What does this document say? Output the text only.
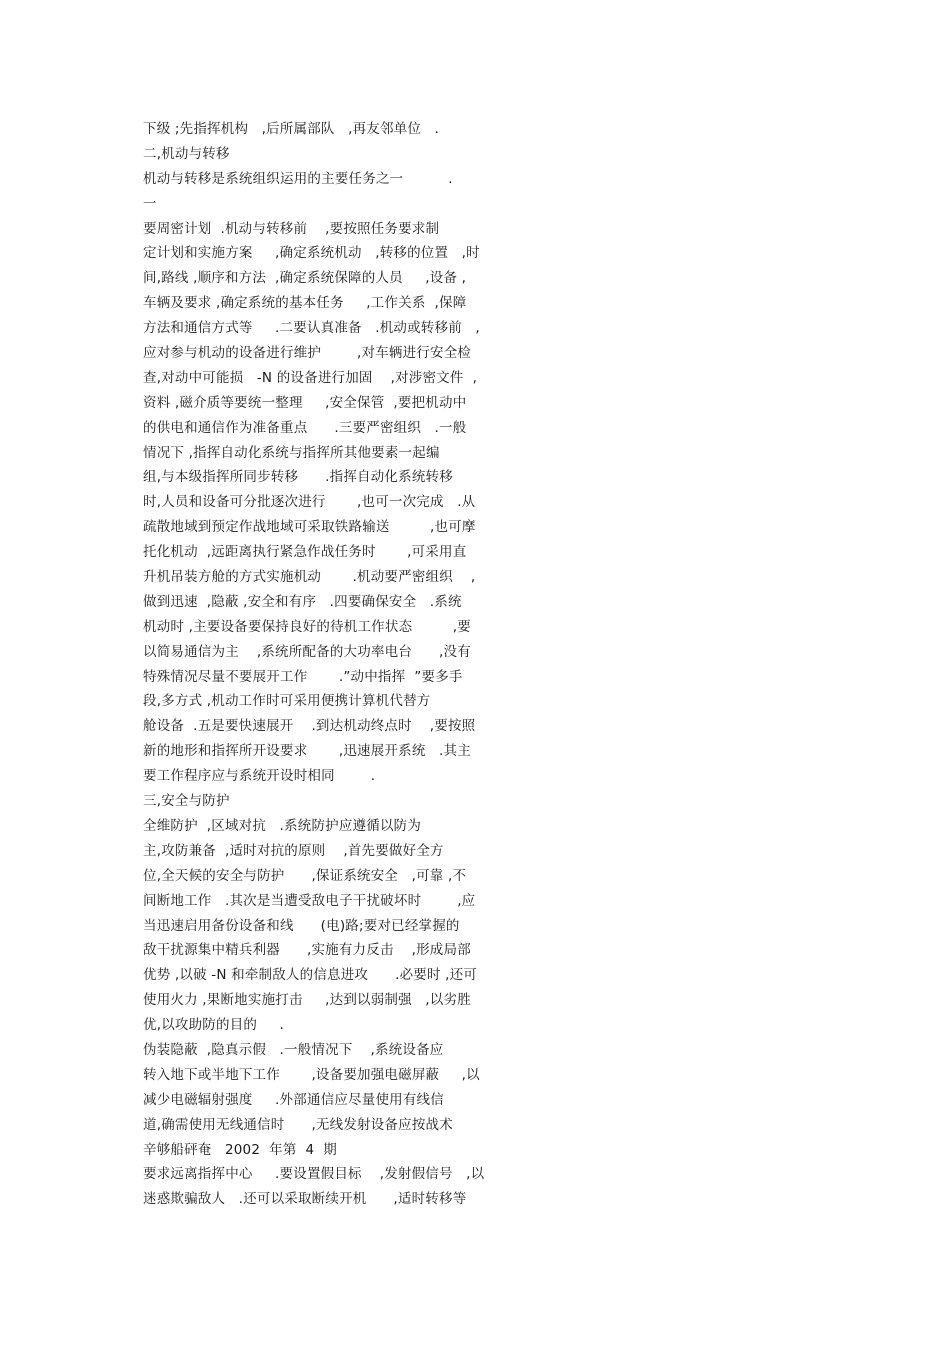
下级 ;先指挥机构   ,后所属部队   ,再友邻单位   .
二,机动与转移
机动与转移是系统组织运用的主要任务之一          .
一
要周密计划  .机动与转移前    ,要按照任务要求制
定计划和实施方案     ,确定系统机动   ,转移的位置   ,时
间,路线 ,顺序和方法  ,确定系统保障的人员     ,设备 ,
车辆及要求 ,确定系统的基本任务     ,工作关系  ,保障
方法和通信方式等     .二要认真准备   .机动或转移前   ,
应对参与机动的设备进行维护        ,对车辆进行安全检
查,对动中可能损   -N 的设备进行加固    ,对涉密文件  ,
资料 ,磁介质等要统一整理     ,安全保管  ,要把机动中
的供电和通信作为准备重点      .三要严密组织   .一般
情况下 ,指挥自动化系统与指挥所其他要素一起编
组,与本级指挥所同步转移      .指挥自动化系统转移
时,人员和设备可分批逐次进行       ,也可一次完成   .从
疏散地域到预定作战地域可采取铁路输送         ,也可摩
托化机动  ,远距离执行紧急作战任务时       ,可采用直
升机吊装方舱的方式实施机动       .机动要严密组织    ,
做到迅速  ,隐蔽 ,安全和有序   .四要确保安全   .系统
机动时 ,主要设备要保持良好的待机工作状态         ,要
以简易通信为主    ,系统所配备的大功率电台      ,没有
特殊情况尽量不要展开工作       .”动中指挥  ”要多手
段,多方式 ,机动工作时可采用便携计算机代替方
舱设备  .五是要快速展开    .到达机动终点时    ,要按照
新的地形和指挥所开设要求       ,迅速展开系统   .其主
要工作程序应与系统开设时相同        .
三,安全与防护
全维防护  ,区域对抗   .系统防护应遵循以防为
主,攻防兼备  ,适时对抗的原则    ,首先要做好全方
位,全天候的安全与防护      ,保证系统安全   ,可靠 ,不
间断地工作   .其次是当遭受敌电子干扰破坏时        ,应
当迅速启用备份设备和线      (电)路;要对已经掌握的
敌干扰源集中精兵利器      ,实施有力反击    ,形成局部
优势 ,以破 -N 和牵制敌人的信息进攻      .必要时 ,还可
使用火力 ,果断地实施打击     ,达到以弱制强   ,以劣胜
优,以攻助防的目的     .
伪装隐蔽  ,隐真示假   .一般情况下    ,系统设备应
转入地下或半地下工作       ,设备要加强电磁屏蔽     ,以
减少电磁辐射强度     .外部通信应尽量使用有线信
道,确需使用无线通信时      ,无线发射设备应按战术
辛够船砰奄   2002  年第  4  期
要求远离指挥中心     .要设置假目标    ,发射假信号   ,以
迷惑欺骗敌人   .还可以采取断续开机      ,适时转移等
